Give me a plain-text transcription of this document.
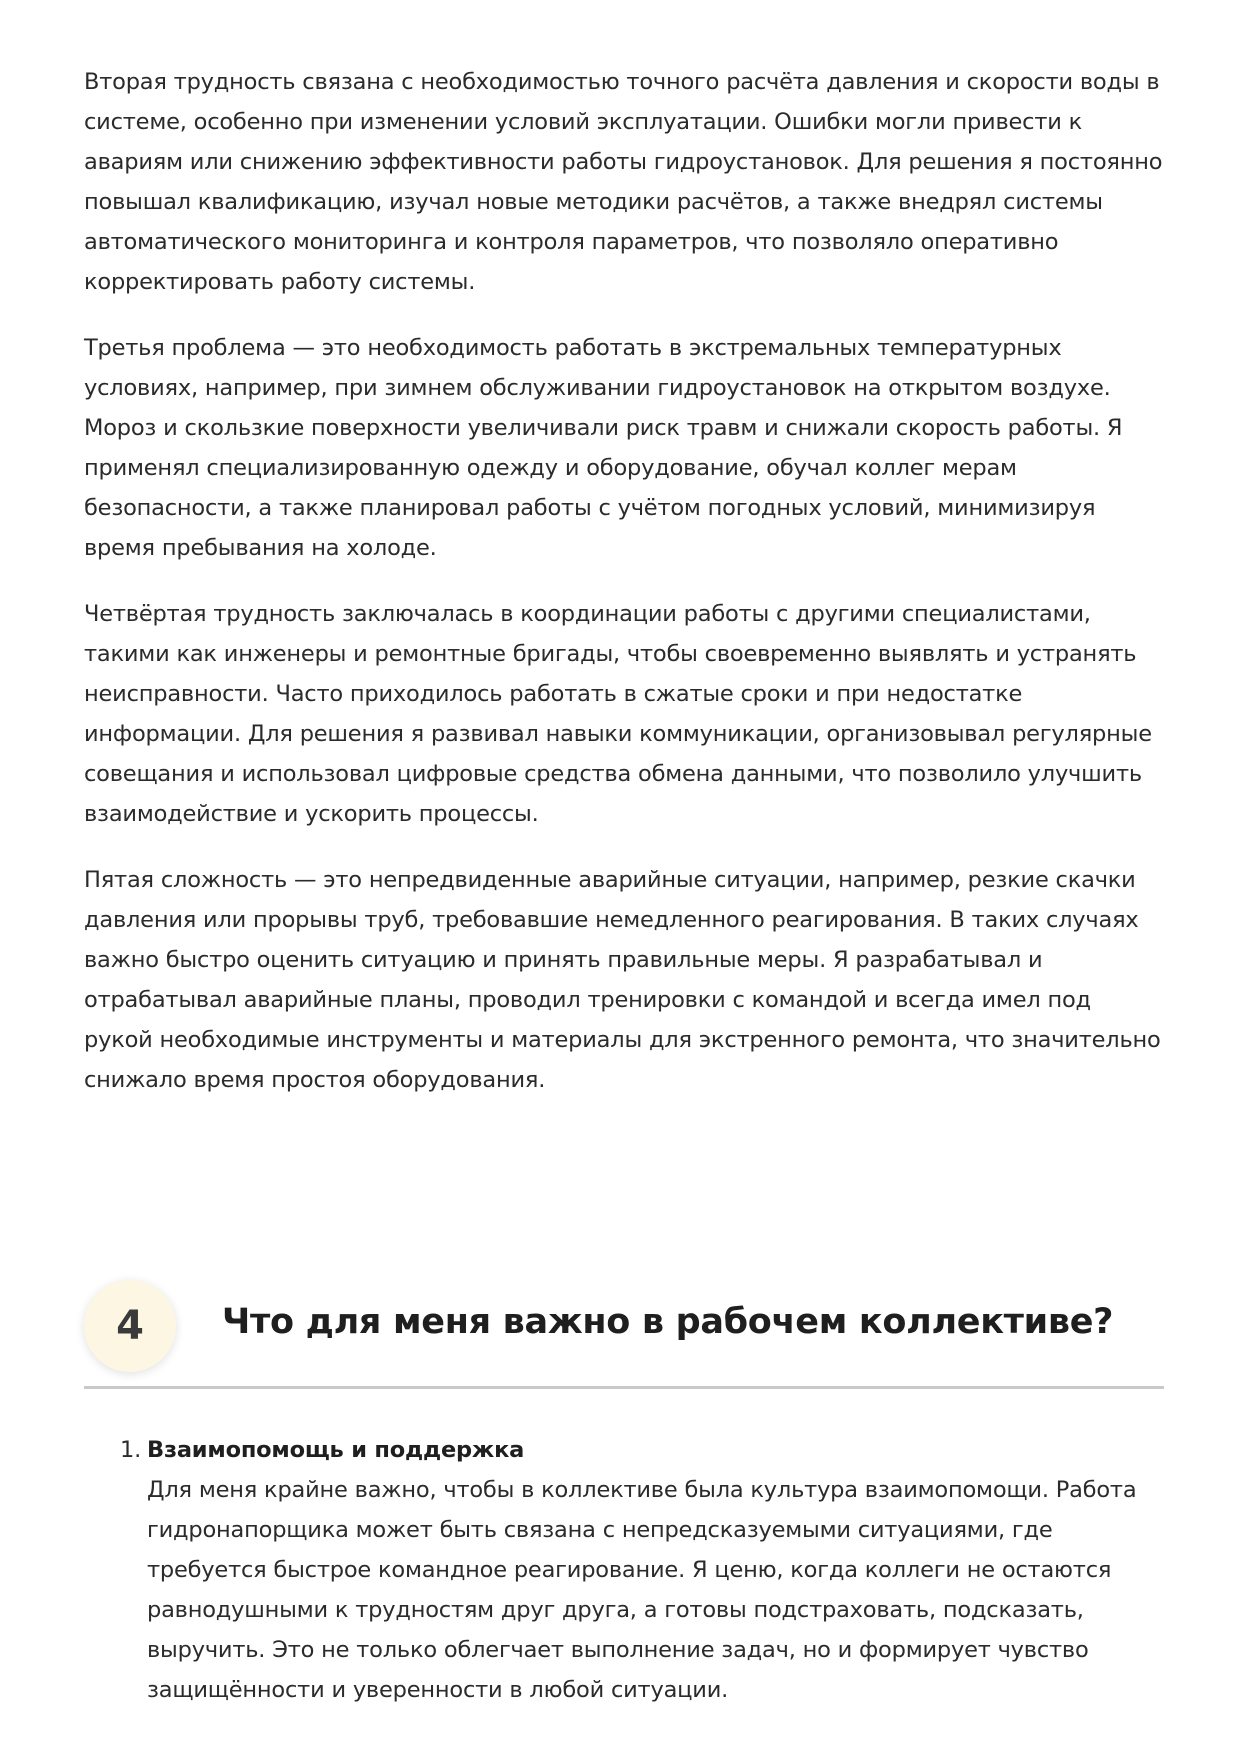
Вторая трудность связана с необходимостью точного расчёта давления и скорости воды в системе, особенно при изменении условий эксплуатации. Ошибки могли привести к авариям или снижению эффективности работы гидроустановок. Для решения я постоянно повышал квалификацию, изучал новые методики расчётов, а также внедрял системы автоматического мониторинга и контроля параметров, что позволяло оперативно корректировать работу системы.

Третья проблема — это необходимость работать в экстремальных температурных условиях, например, при зимнем обслуживании гидроустановок на открытом воздухе. Мороз и скользкие поверхности увеличивали риск травм и снижали скорость работы. Я применял специализированную одежду и оборудование, обучал коллег мерам безопасности, а также планировал работы с учётом погодных условий, минимизируя время пребывания на холоде.

Четвёртая трудность заключалась в координации работы с другими специалистами, такими как инженеры и ремонтные бригады, чтобы своевременно выявлять и устранять неисправности. Часто приходилось работать в сжатые сроки и при недостатке информации. Для решения я развивал навыки коммуникации, организовывал регулярные совещания и использовал цифровые средства обмена данными, что позволило улучшить взаимодействие и ускорить процессы.

Пятая сложность — это непредвиденные аварийные ситуации, например, резкие скачки давления или прорывы труб, требовавшие немедленного реагирования. В таких случаях важно быстро оценить ситуацию и принять правильные меры. Я разрабатывал и отрабатывал аварийные планы, проводил тренировки с командой и всегда имел под рукой необходимые инструменты и материалы для экстренного ремонта, что значительно снижало время простоя оборудования.

4	Что для меня важно в рабочем коллективе?
1. Взаимопомощь и поддержка
Для меня крайне важно, чтобы в коллективе была культура взаимопомощи. Работа гидронапорщика может быть связана с непредсказуемыми ситуациями, где требуется быстрое командное реагирование. Я ценю, когда коллеги не остаются равнодушными к трудностям друг друга, а готовы подстраховать, подсказать, выручить. Это не только облегчает выполнение задач, но и формирует чувство защищённости и уверенности в любой ситуации.
